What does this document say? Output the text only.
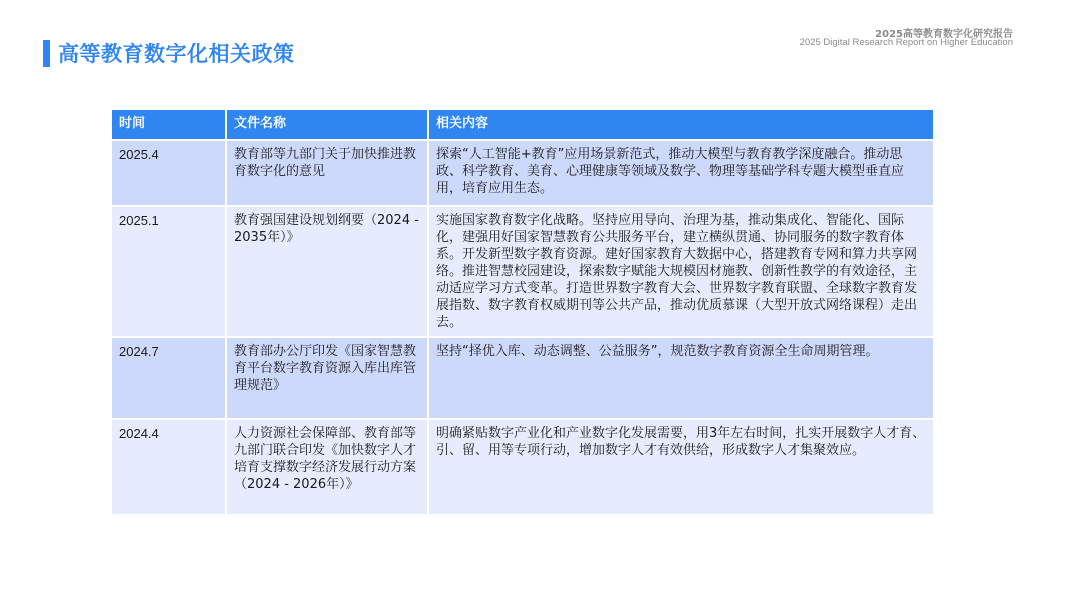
高等教育数字化相关政策
2025高等教育数字化研究报告
2025 Digital Research Report on Higher Education
时间	文件名称	相关内容
2025.4	教育部等九部门关于加快推进教育数字化的意见	探索“人工智能+教育”应用场景新范式，推动大模型与教育教学深度融合。推动思政、科学教育、美育、心理健康等领域及数学、物理等基础学科专题大模型垂直应用，培育应用生态。
2025.1	教育强国建设规划纲要（2024 - 2035年）》	实施国家教育数字化战略。坚持应用导向、治理为基，推动集成化、智能化、国际化，建强用好国家智慧教育公共服务平台，建立横纵贯通、协同服务的数字教育体系。开发新型数字教育资源。建好国家教育大数据中心，搭建教育专网和算力共享网络。推进智慧校园建设，探索数字赋能大规模因材施教、创新性教学的有效途径，主动适应学习方式变革。打造世界数字教育大会、世界数字教育联盟、全球数字教育发展指数、数字教育权威期刊等公共产品，推动优质慕课（大型开放式网络课程）走出去。
2024.7	教育部办公厅印发《国家智慧教育平台数字教育资源入库出库管理规范》	坚持“择优入库、动态调整、公益服务”，规范数字教育资源全生命周期管理。
2024.4	人力资源社会保障部、教育部等九部门联合印发《加快数字人才培育支撑数字经济发展行动方案（2024 - 2026年）》	明确紧贴数字产业化和产业数字化发展需要，用3年左右时间，扎实开展数字人才育、引、留、用等专项行动，增加数字人才有效供给，形成数字人才集聚效应。
